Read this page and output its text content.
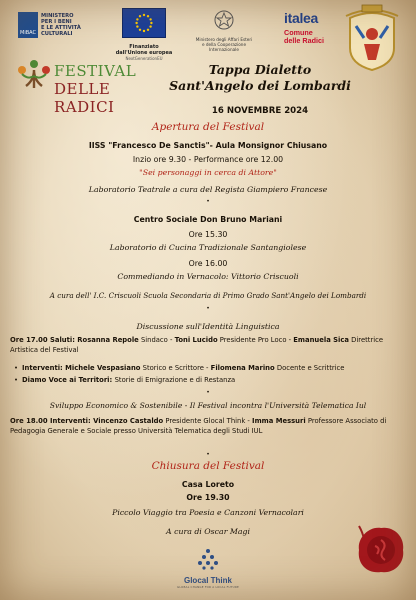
MiBAC
MINISTERO
PER I BENI
E LE ATTIVITÀ
CULTURALI
Finanziato
dall'Unione europea
NextGenerationEU
Ministero degli Affari Esteri
e della Cooperazione Internazionale
italea
Comune
delle Radici
FESTIVAL
DELLE RADICI
Tappa Dialetto
Sant'Angelo dei Lombardi
16 NOVEMBRE 2024
Apertura del Festival
IISS "Francesco De Sanctis"- Aula Monsignor Chiusano
Inzio ore 9.30 - Performance ore 12.00
"Sei personaggi in cerca di Attore"
Laboratorio Teatrale a cura del Regista Giampiero Francese
•
Centro Sociale Don Bruno Mariani
Ore 15.30
Laboratorio di Cucina Tradizionale Santangiolese
Ore 16.00
Commediando in Vernacolo: Vittorio Criscuoli
A cura dell' I.C. Criscuoli Scuola Secondaria di Primo Grado Sant'Angelo dei Lombardi
•
Discussione sull'Identità Linguistica
Ore 17.00 Saluti: Rosanna Repole Sindaco - Toni Lucido Presidente Pro Loco - Emanuela Sica Direttrice Artistica del Festival
• Interventi: Michele Vespasiano Storico e Scrittore - Filomena Marino Docente e Scrittrice
• Diamo Voce ai Territori: Storie di Emigrazione e di Restanza
•
Sviluppo Economico & Sostenibile - Il Festival incontra l'Università Telematica Iul
Ore 18.00 Interventi: Vincenzo Castaldo Presidente Glocal Think - Imma Messuri Professore Associato di Pedagogia Generale e Sociale presso Università Telematica degli Studi IUL
•
Chiusura del Festival
Casa Loreto
Ore 19.30
Piccolo Viaggio tra Poesia e Canzoni Vernacolari
A cura di Oscar Magi
Glocal Think
GLOBAL CHANGE FOR A LOCAL FUTURE
